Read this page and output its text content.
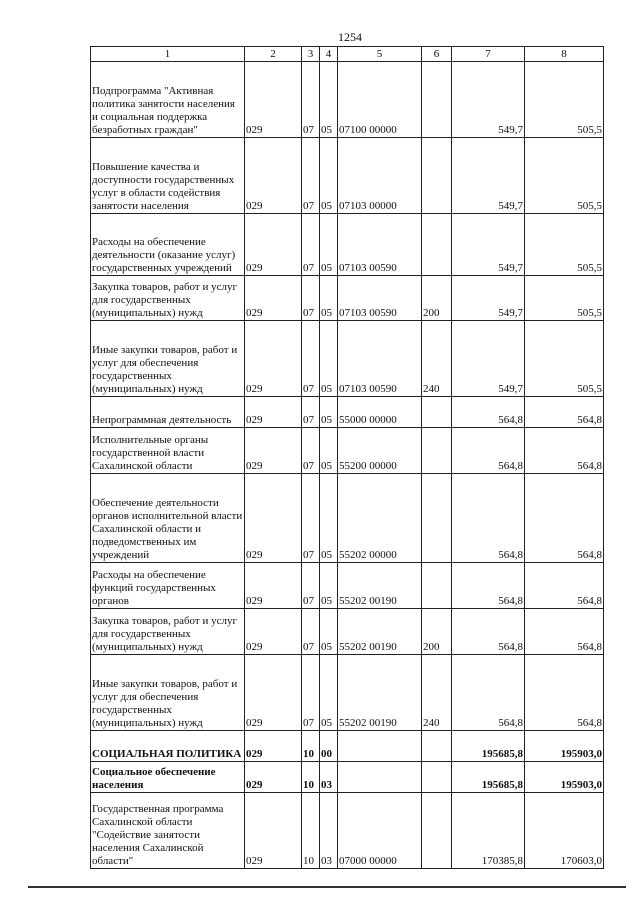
1254
1	2	3	4	5	6	7	8
Подпрограмма "Активная политика занятости населения и социальная поддержка безработных граждан"	029	07	05	07100 00000		549,7	505,5
Повышение качества и доступности государственных услуг в области содействия занятости населения	029	07	05	07103 00000		549,7	505,5
Расходы на обеспечение деятельности (оказание услуг) государственных учреждений	029	07	05	07103 00590		549,7	505,5
Закупка товаров, работ и услуг для государственных (муниципальных) нужд	029	07	05	07103 00590	200	549,7	505,5
Иные закупки товаров, работ и услуг для обеспечения государственных (муниципальных) нужд	029	07	05	07103 00590	240	549,7	505,5
Непрограммная деятельность	029	07	05	55000 00000		564,8	564,8
Исполнительные органы государственной власти Сахалинской области	029	07	05	55200 00000		564,8	564,8
Обеспечение деятельности органов исполнительной власти Сахалинской области и подведомственных им учреждений	029	07	05	55202 00000		564,8	564,8
Расходы на обеспечение функций государственных органов	029	07	05	55202 00190		564,8	564,8
Закупка товаров, работ и услуг для государственных (муниципальных) нужд	029	07	05	55202 00190	200	564,8	564,8
Иные закупки товаров, работ и услуг для обеспечения государственных (муниципальных) нужд	029	07	05	55202 00190	240	564,8	564,8
СОЦИАЛЬНАЯ ПОЛИТИКА	029	10	00			195685,8	195903,0
Социальное обеспечение населения	029	10	03			195685,8	195903,0
Государственная программа Сахалинской области "Содействие занятости населения Сахалинской области"	029	10	03	07000 00000		170385,8	170603,0
